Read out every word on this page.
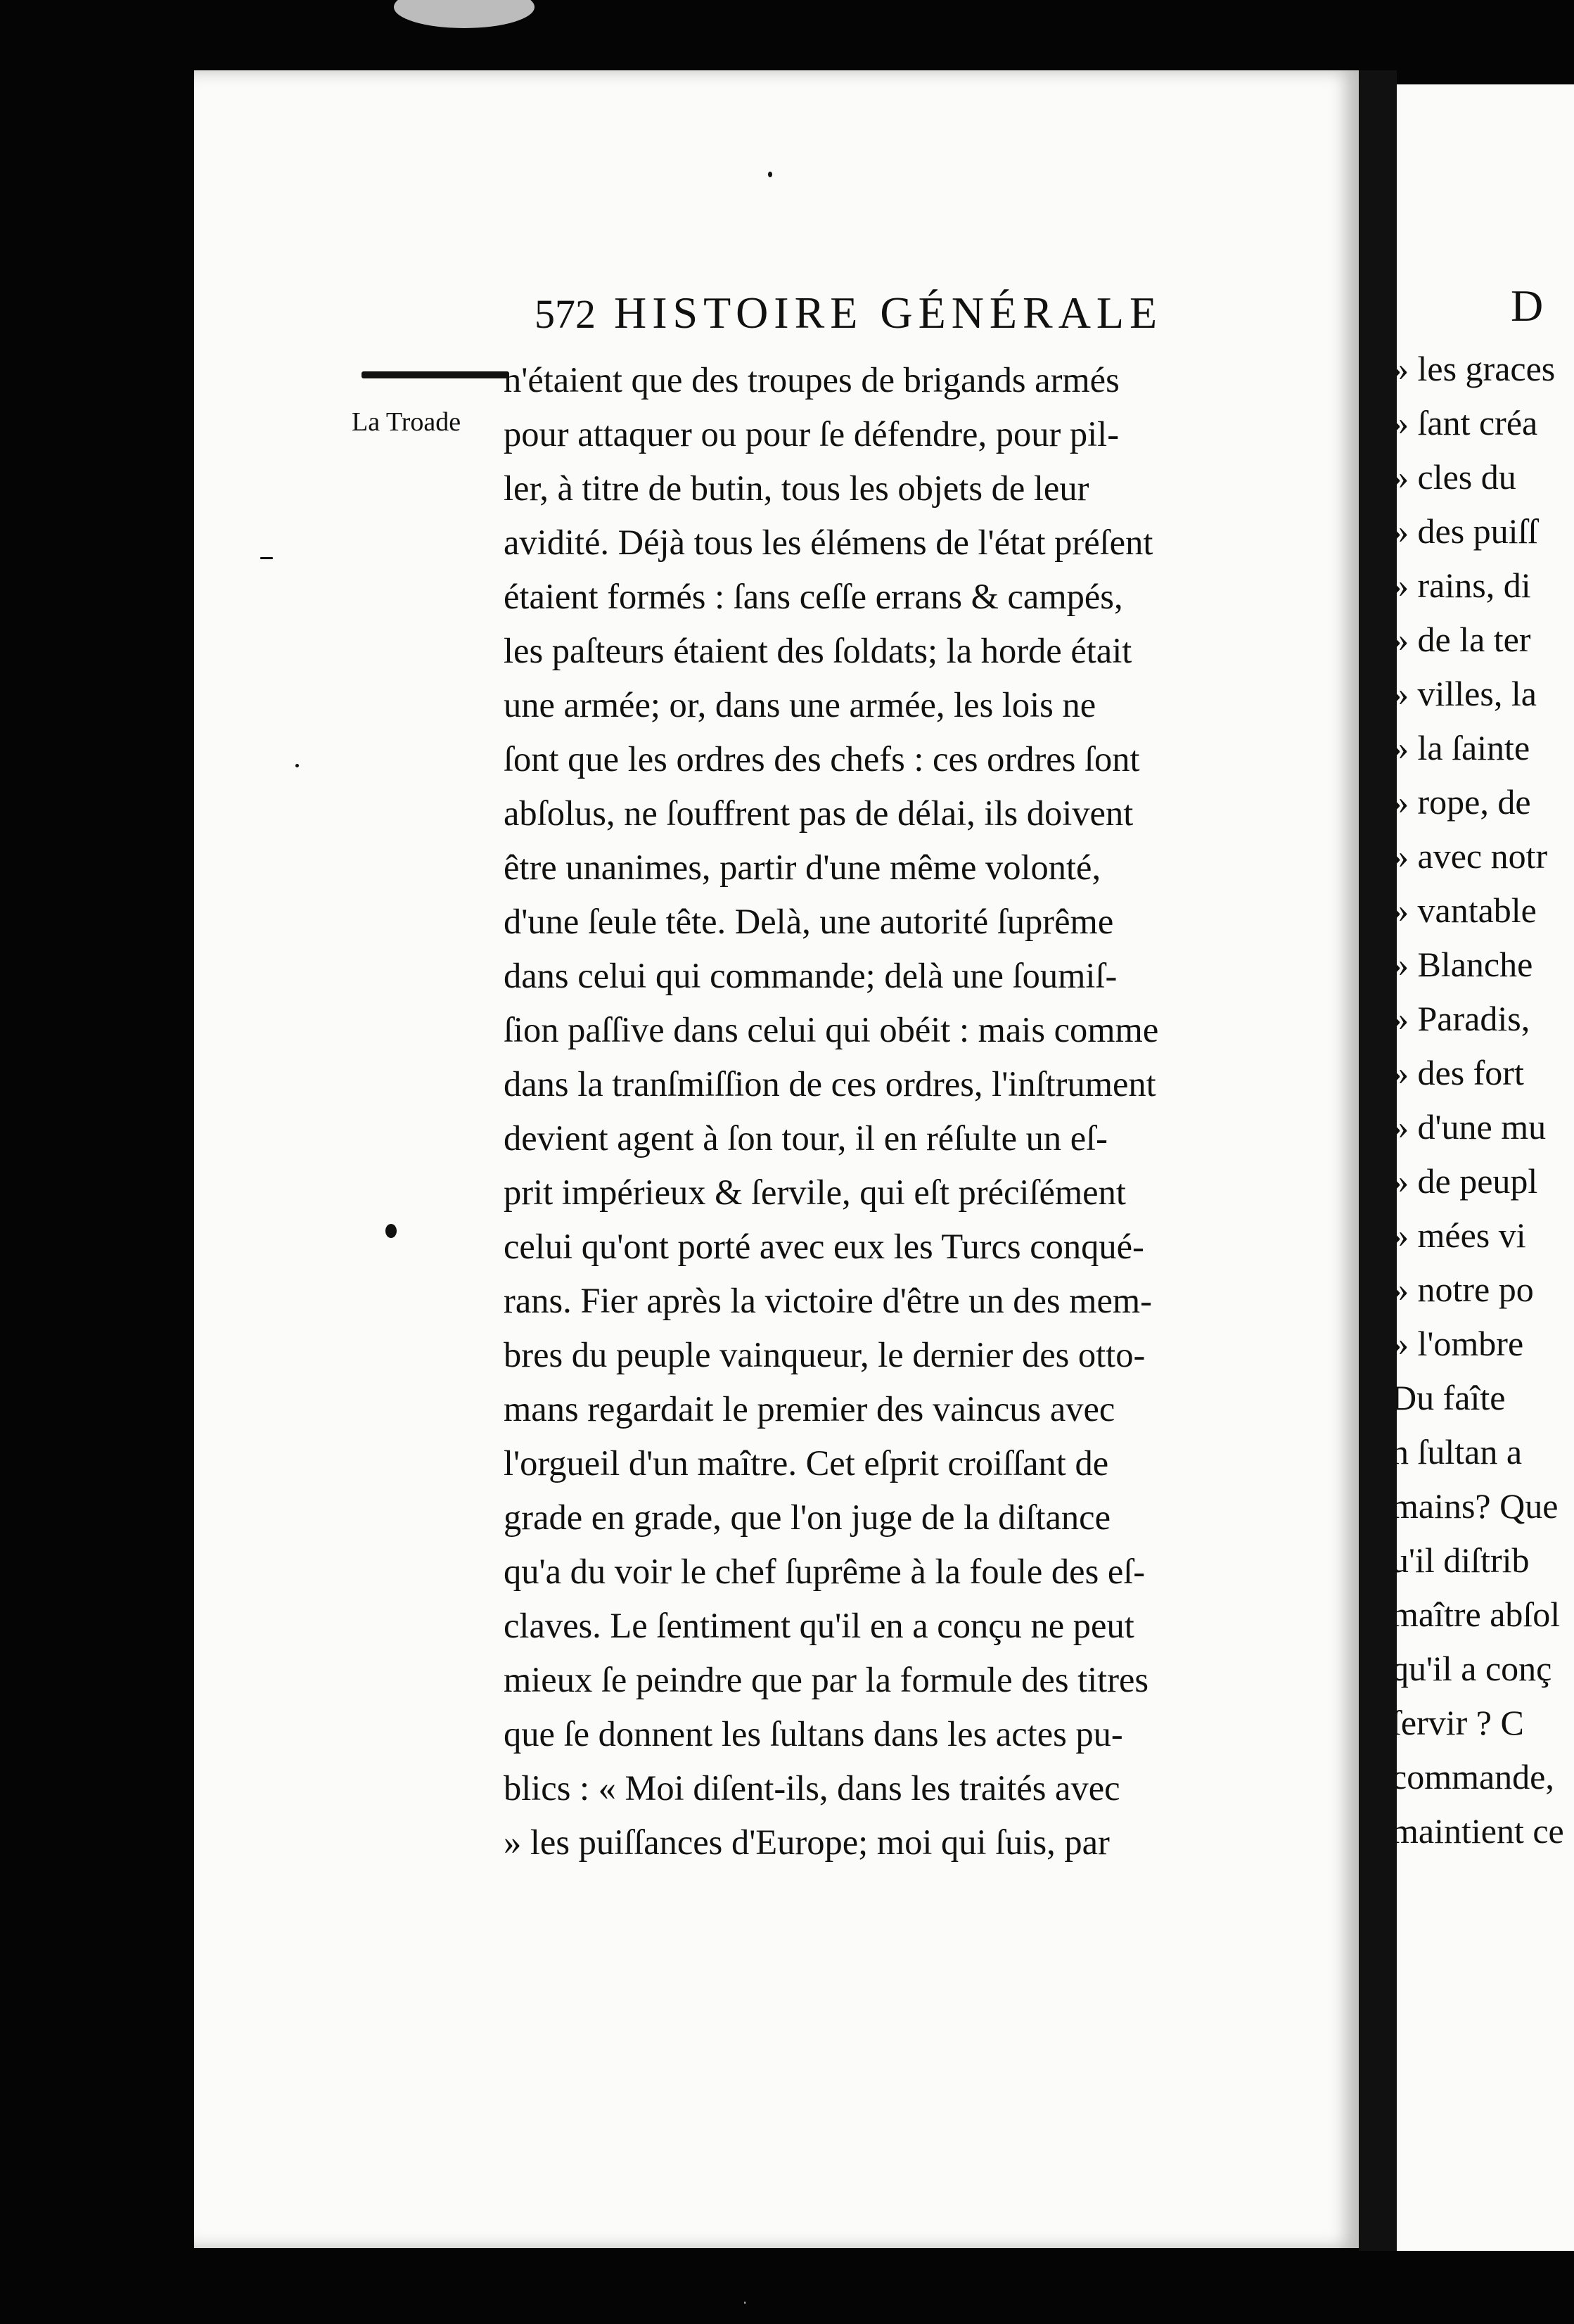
572 HISTOIRE GÉNÉRALE
La Troade
n'étaient que des troupes de brigands armés
pour attaquer ou pour ſe défendre, pour pil-
ler, à titre de butin, tous les objets de leur
avidité. Déjà tous les élémens de l'état préſent
étaient formés : ſans ceſſe errans & campés,
les paſteurs étaient des ſoldats; la horde était
une armée; or, dans une armée, les lois ne
ſont que les ordres des chefs : ces ordres ſont
abſolus, ne ſouffrent pas de délai, ils doivent
être unanimes, partir d'une même volonté,
d'une ſeule tête. Delà, une autorité ſuprême
dans celui qui commande; delà une ſoumiſ-
ſion paſſive dans celui qui obéit : mais comme
dans la tranſmiſſion de ces ordres, l'inſtrument
devient agent à ſon tour, il en réſulte un eſ-
prit impérieux & ſervile, qui eſt préciſément
celui qu'ont porté avec eux les Turcs conqué-
rans. Fier après la victoire d'être un des mem-
bres du peuple vainqueur, le dernier des otto-
mans regardait le premier des vaincus avec
l'orgueil d'un maître. Cet eſprit croiſſant de
grade en grade, que l'on juge de la diſtance
qu'a du voir le chef ſuprême à la foule des eſ-
claves. Le ſentiment qu'il en a conçu ne peut
mieux ſe peindre que par la formule des titres
que ſe donnent les ſultans dans les actes pu-
blics : « Moi diſent-ils, dans les traités avec
» les puiſſances d'Europe; moi qui ſuis, par
D
» les graces
» ſant créa
» cles du
» des puiſſ
» rains, di
» de la ter
» villes, la
» la ſainte
» rope, de
» avec notr
» vantable
» Blanche
» Paradis,
» des fort
» d'une mu
» de peupl
» mées vi
» notre po
» l'ombre
Du faîte
n ſultan a
mains? Que
u'il diſtrib
maître abſol
qu'il a conç
ſervir ? C
commande,
maintient ce
·
